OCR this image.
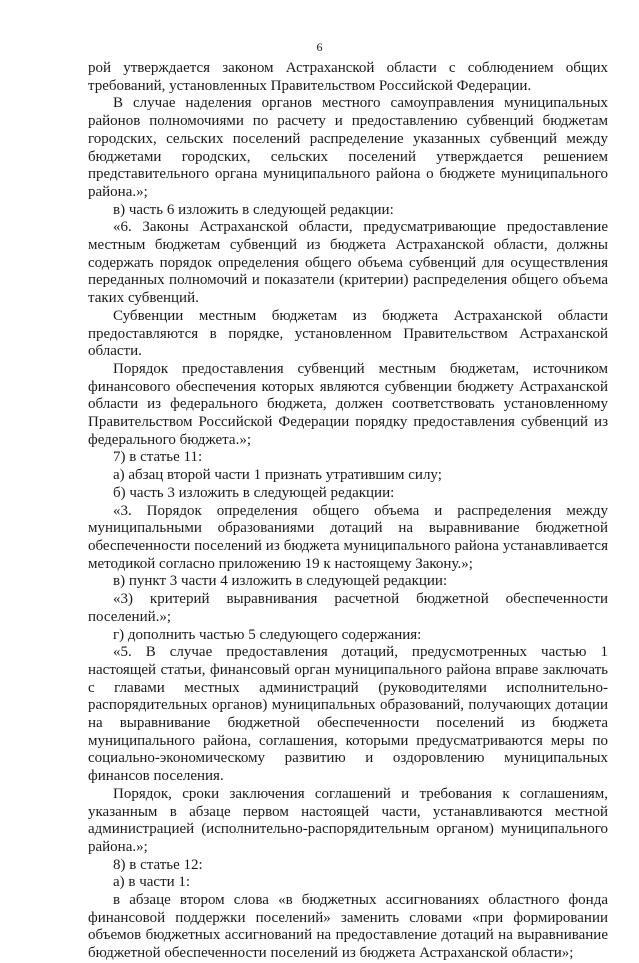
6

рой утверждается законом Астраханской области с соблюдением общих требований, установленных Правительством Российской Федерации.

В случае наделения органов местного самоуправления муниципальных районов полномочиями по расчету и предоставлению субвенций бюджетам городских, сельских поселений распределение указанных субвенций между бюджетами городских, сельских поселений утверждается решением представительного органа муниципального района о бюджете муниципального района.»;

в) часть 6 изложить в следующей редакции:

«6. Законы Астраханской области, предусматривающие предоставление местным бюджетам субвенций из бюджета Астраханской области, должны содержать порядок определения общего объема субвенций для осуществления переданных полномочий и показатели (критерии) распределения общего объема таких субвенций.

Субвенции местным бюджетам из бюджета Астраханской области предоставляются в порядке, установленном Правительством Астраханской области.

Порядок предоставления субвенций местным бюджетам, источником финансового обеспечения которых являются субвенции бюджету Астраханской области из федерального бюджета, должен соответствовать установленному Правительством Российской Федерации порядку предоставления субвенций из федерального бюджета.»;

7) в статье 11:

а) абзац второй части 1 признать утратившим силу;

б) часть 3 изложить в следующей редакции:

«3. Порядок определения общего объема и распределения между муниципальными образованиями дотаций на выравнивание бюджетной обеспеченности поселений из бюджета муниципального района устанавливается методикой согласно приложению 19 к настоящему Закону.»;

в) пункт 3 части 4 изложить в следующей редакции:

«3) критерий выравнивания расчетной бюджетной обеспеченности поселений.»;

г) дополнить частью 5 следующего содержания:

«5. В случае предоставления дотаций, предусмотренных частью 1 настоящей статьи, финансовый орган муниципального района вправе заключать с главами местных администраций (руководителями исполнительно-распорядительных органов) муниципальных образований, получающих дотации на выравнивание бюджетной обеспеченности поселений из бюджета муниципального района, соглашения, которыми предусматриваются меры по социально-экономическому развитию и оздоровлению муниципальных финансов поселения.

Порядок, сроки заключения соглашений и требования к соглашениям, указанным в абзаце первом настоящей части, устанавливаются местной администрацией (исполнительно-распорядительным органом) муниципального района.»;

8) в статье 12:

а) в части 1:

в абзаце втором слова «в бюджетных ассигнованиях областного фонда финансовой поддержки поселений» заменить словами «при формировании объемов бюджетных ассигнований на предоставление дотаций на выравнивание бюджетной обеспеченности поселений из бюджета Астраханской области»;
